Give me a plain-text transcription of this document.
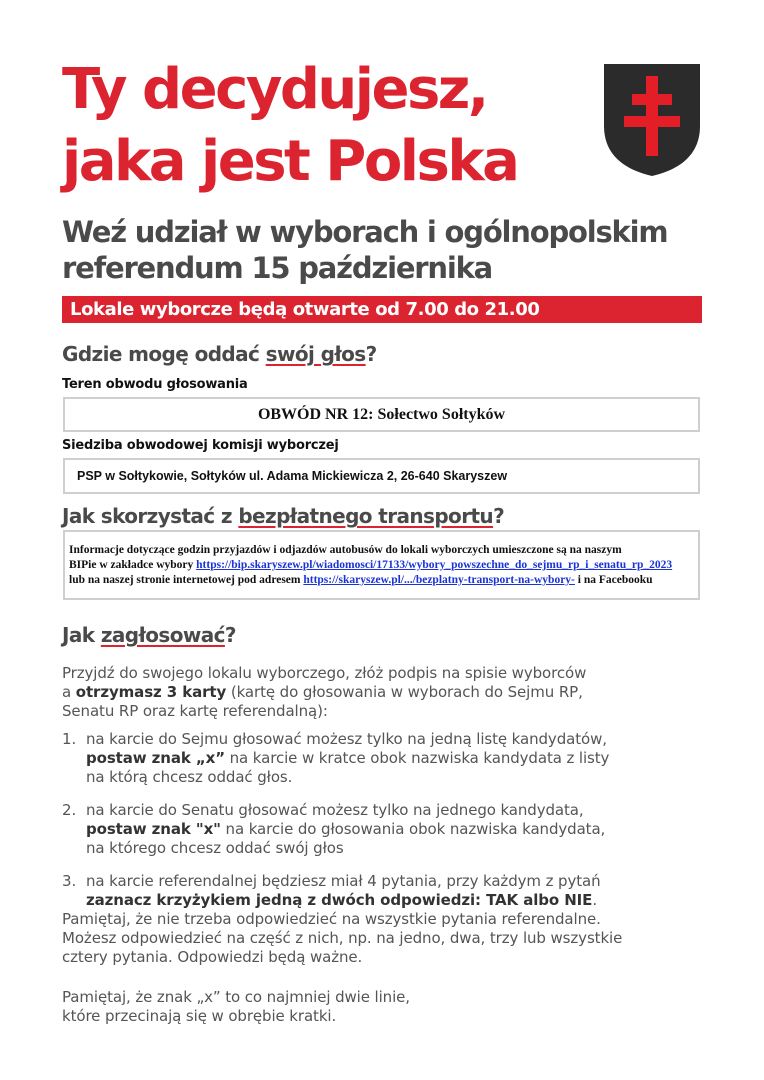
Ty decydujesz,
jaka jest Polska
Weź udział w wyborach i ogólnopolskim
referendum 15 października
Lokale wyborcze będą otwarte od 7.00 do 21.00
Gdzie mogę oddać swój głos?
Teren obwodu głosowania
OBWÓD NR 12: Sołectwo Sołtyków
Siedziba obwodowej komisji wyborczej
PSP w Sołtykowie, Sołtyków ul. Adama Mickiewicza 2, 26-640 Skaryszew
Jak skorzystać z bezpłatnego transportu?
Informacje dotyczące godzin przyjazdów i odjazdów autobusów do lokali wyborczych umieszczone są na naszym
BIPie w zakładce wybory https://bip.skaryszew.pl/wiadomosci/17133/wybory_powszechne_do_sejmu_rp_i_senatu_rp_2023
lub na naszej stronie internetowej pod adresem https://skaryszew.pl/.../bezplatny-transport-na-wybory- i na Facebooku
Jak zagłosować?
Przyjdź do swojego lokalu wyborczego, złóż podpis na spisie wyborców
a otrzymasz 3 karty (kartę do głosowania w wyborach do Sejmu RP,
Senatu RP oraz kartę referendalną):
1. na karcie do Sejmu głosować możesz tylko na jedną listę kandydatów,
postaw znak „x” na karcie w kratce obok nazwiska kandydata z listy
na którą chcesz oddać głos.
2. na karcie do Senatu głosować możesz tylko na jednego kandydata,
postaw znak "x" na karcie do głosowania obok nazwiska kandydata,
na którego chcesz oddać swój głos
3. na karcie referendalnej będziesz miał 4 pytania, przy każdym z pytań
zaznacz krzyżykiem jedną z dwóch odpowiedzi: TAK albo NIE.
Pamiętaj, że nie trzeba odpowiedzieć na wszystkie pytania referendalne.
Możesz odpowiedzieć na część z nich, np. na jedno, dwa, trzy lub wszystkie
cztery pytania. Odpowiedzi będą ważne.
Pamiętaj, że znak „x” to co najmniej dwie linie,
które przecinają się w obrębie kratki.
